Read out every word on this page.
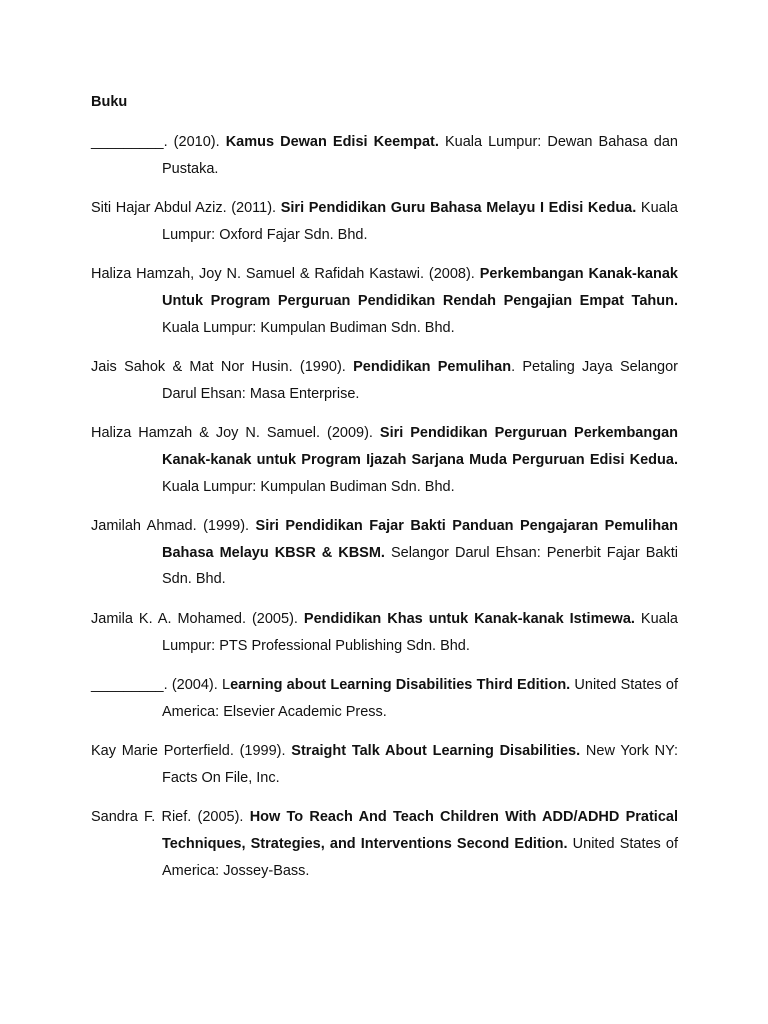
Buku
_________. (2010). Kamus Dewan Edisi Keempat. Kuala Lumpur: Dewan Bahasa dan Pustaka.
Siti Hajar Abdul Aziz. (2011). Siri Pendidikan Guru Bahasa Melayu I Edisi Kedua. Kuala Lumpur: Oxford Fajar Sdn. Bhd.
Haliza Hamzah, Joy N. Samuel & Rafidah Kastawi. (2008). Perkembangan Kanak-kanak Untuk Program Perguruan Pendidikan Rendah Pengajian Empat Tahun. Kuala Lumpur: Kumpulan Budiman Sdn. Bhd.
Jais Sahok & Mat Nor Husin. (1990). Pendidikan Pemulihan. Petaling Jaya Selangor Darul Ehsan: Masa Enterprise.
Haliza Hamzah & Joy N. Samuel. (2009). Siri Pendidikan Perguruan Perkembangan Kanak-kanak untuk Program Ijazah Sarjana Muda Perguruan Edisi Kedua. Kuala Lumpur: Kumpulan Budiman Sdn. Bhd.
Jamilah Ahmad. (1999). Siri Pendidikan Fajar Bakti Panduan Pengajaran Pemulihan Bahasa Melayu KBSR & KBSM. Selangor Darul Ehsan: Penerbit Fajar Bakti Sdn. Bhd.
Jamila K. A. Mohamed. (2005). Pendidikan Khas untuk Kanak-kanak Istimewa. Kuala Lumpur: PTS Professional Publishing Sdn. Bhd.
_________. (2004). Learning about Learning Disabilities Third Edition. United States of America: Elsevier Academic Press.
Kay Marie Porterfield. (1999). Straight Talk About Learning Disabilities. New York NY: Facts On File, Inc.
Sandra F. Rief. (2005). How To Reach And Teach Children With ADD/ADHD Pratical Techniques, Strategies, and Interventions Second Edition. United States of America: Jossey-Bass.
